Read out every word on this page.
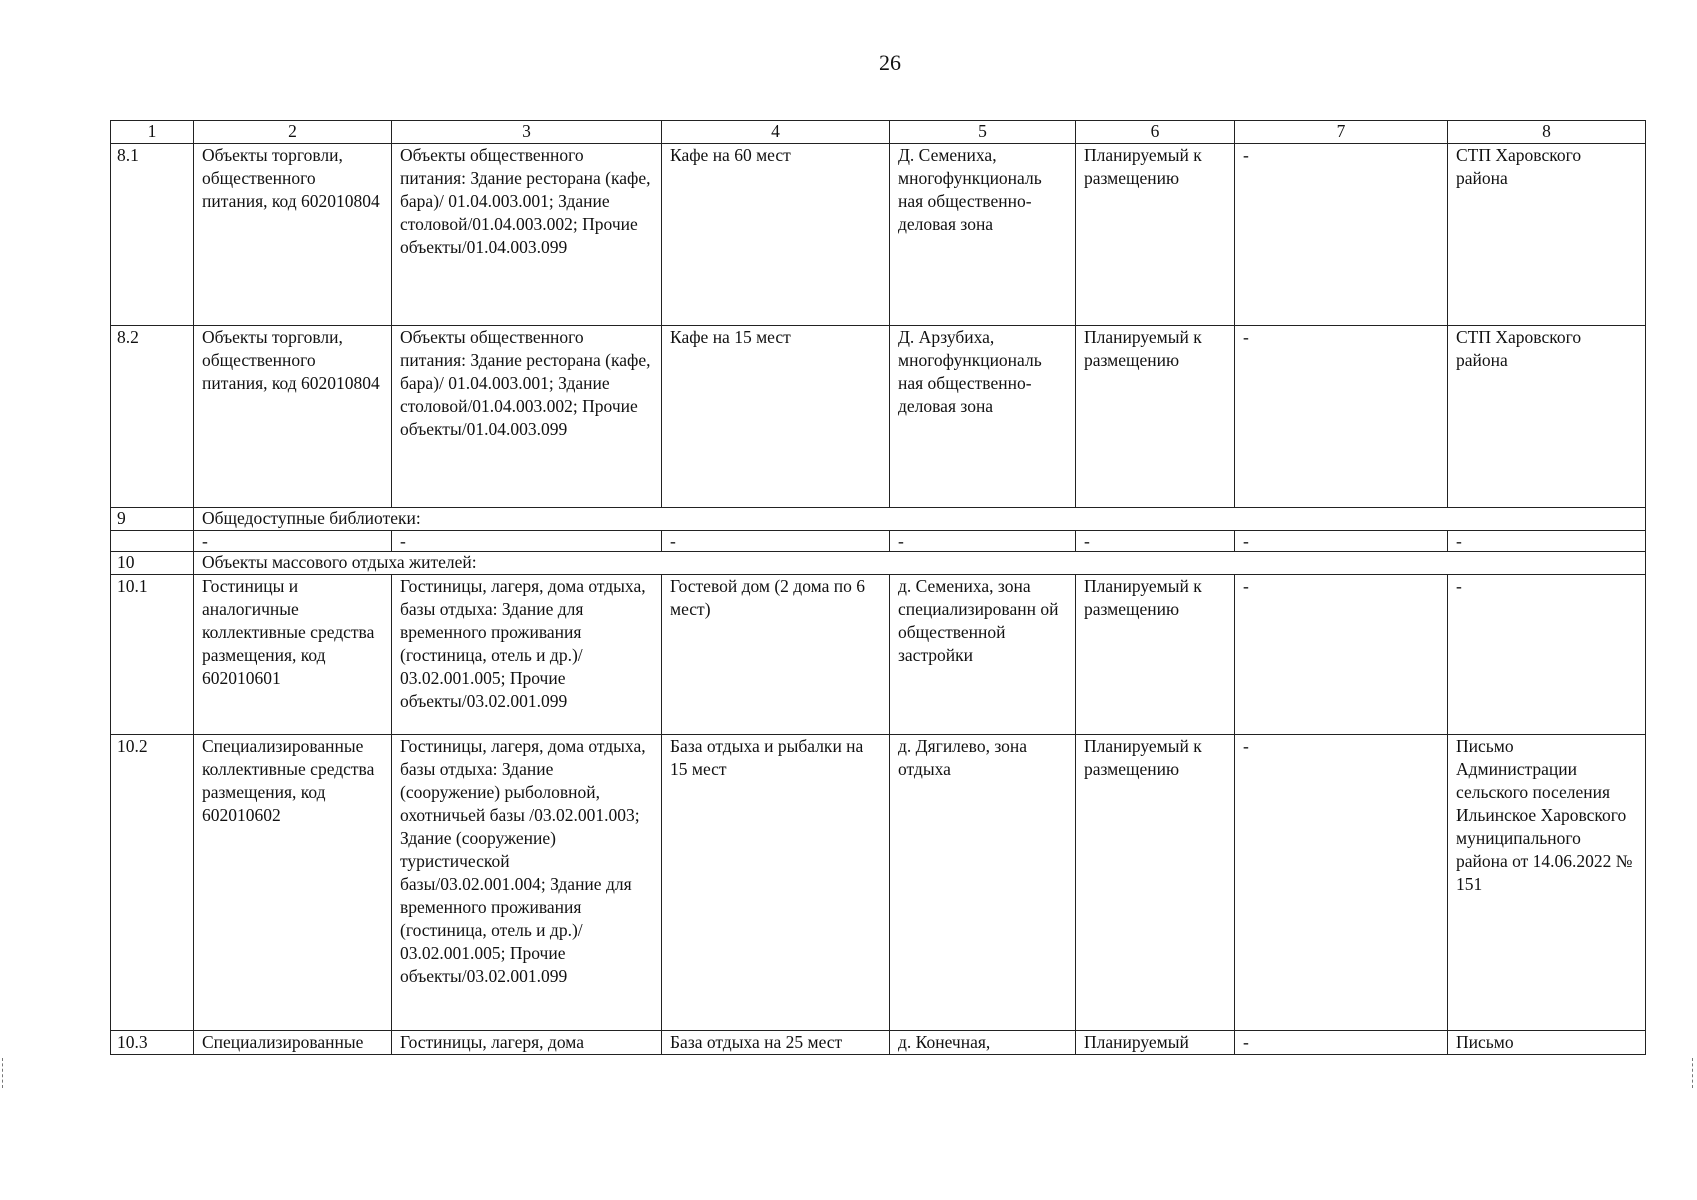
26
1	2	3	4	5	6	7	8
8.1	Объекты торговли, общественного питания, код 602010804	Объекты общественного питания: Здание ресторана (кафе, бара)/ 01.04.003.001; Здание столовой/01.04.003.002; Прочие объекты/01.04.003.099	Кафе на 60 мест	Д. Семениха, многофункциональ ная общественно-деловая зона	Планируемый к размещению	-	СТП Харовского района
8.2	Объекты торговли, общественного питания, код 602010804	Объекты общественного питания: Здание ресторана (кафе, бара)/ 01.04.003.001; Здание столовой/01.04.003.002; Прочие объекты/01.04.003.099	Кафе на 15 мест	Д. Арзубиха, многофункциональ ная общественно-деловая зона	Планируемый к размещению	-	СТП Харовского района
9	Общедоступные библиотеки:						
	-	-	-	-	-	-	-
10	Объекты массового отдыха жителей:						
10.1	Гостиницы и аналогичные коллективные средства размещения, код 602010601	Гостиницы, лагеря, дома отдыха, базы отдыха: Здание для временного проживания (гостиница, отель и др.)/ 03.02.001.005; Прочие объекты/03.02.001.099	Гостевой дом (2 дома по 6 мест)	д. Семениха, зона специализированн ой общественной застройки	Планируемый к размещению	-	-
10.2	Специализированные коллективные средства размещения, код 602010602	Гостиницы, лагеря, дома отдыха, базы отдыха: Здание (сооружение) рыболовной, охотничьей базы /03.02.001.003; Здание (сооружение) туристической базы/03.02.001.004; Здание для временного проживания (гостиница, отель и др.)/ 03.02.001.005; Прочие объекты/03.02.001.099	База отдыха и рыбалки на 15 мест	д. Дягилево, зона отдыха	Планируемый к размещению	-	Письмо Администрации сельского поселения Ильинское Харовского муниципального района от 14.06.2022 № 151
10.3	Специализированные	Гостиницы, лагеря, дома	База отдыха на 25 мест	д. Конечная,	Планируемый	-	Письмо
